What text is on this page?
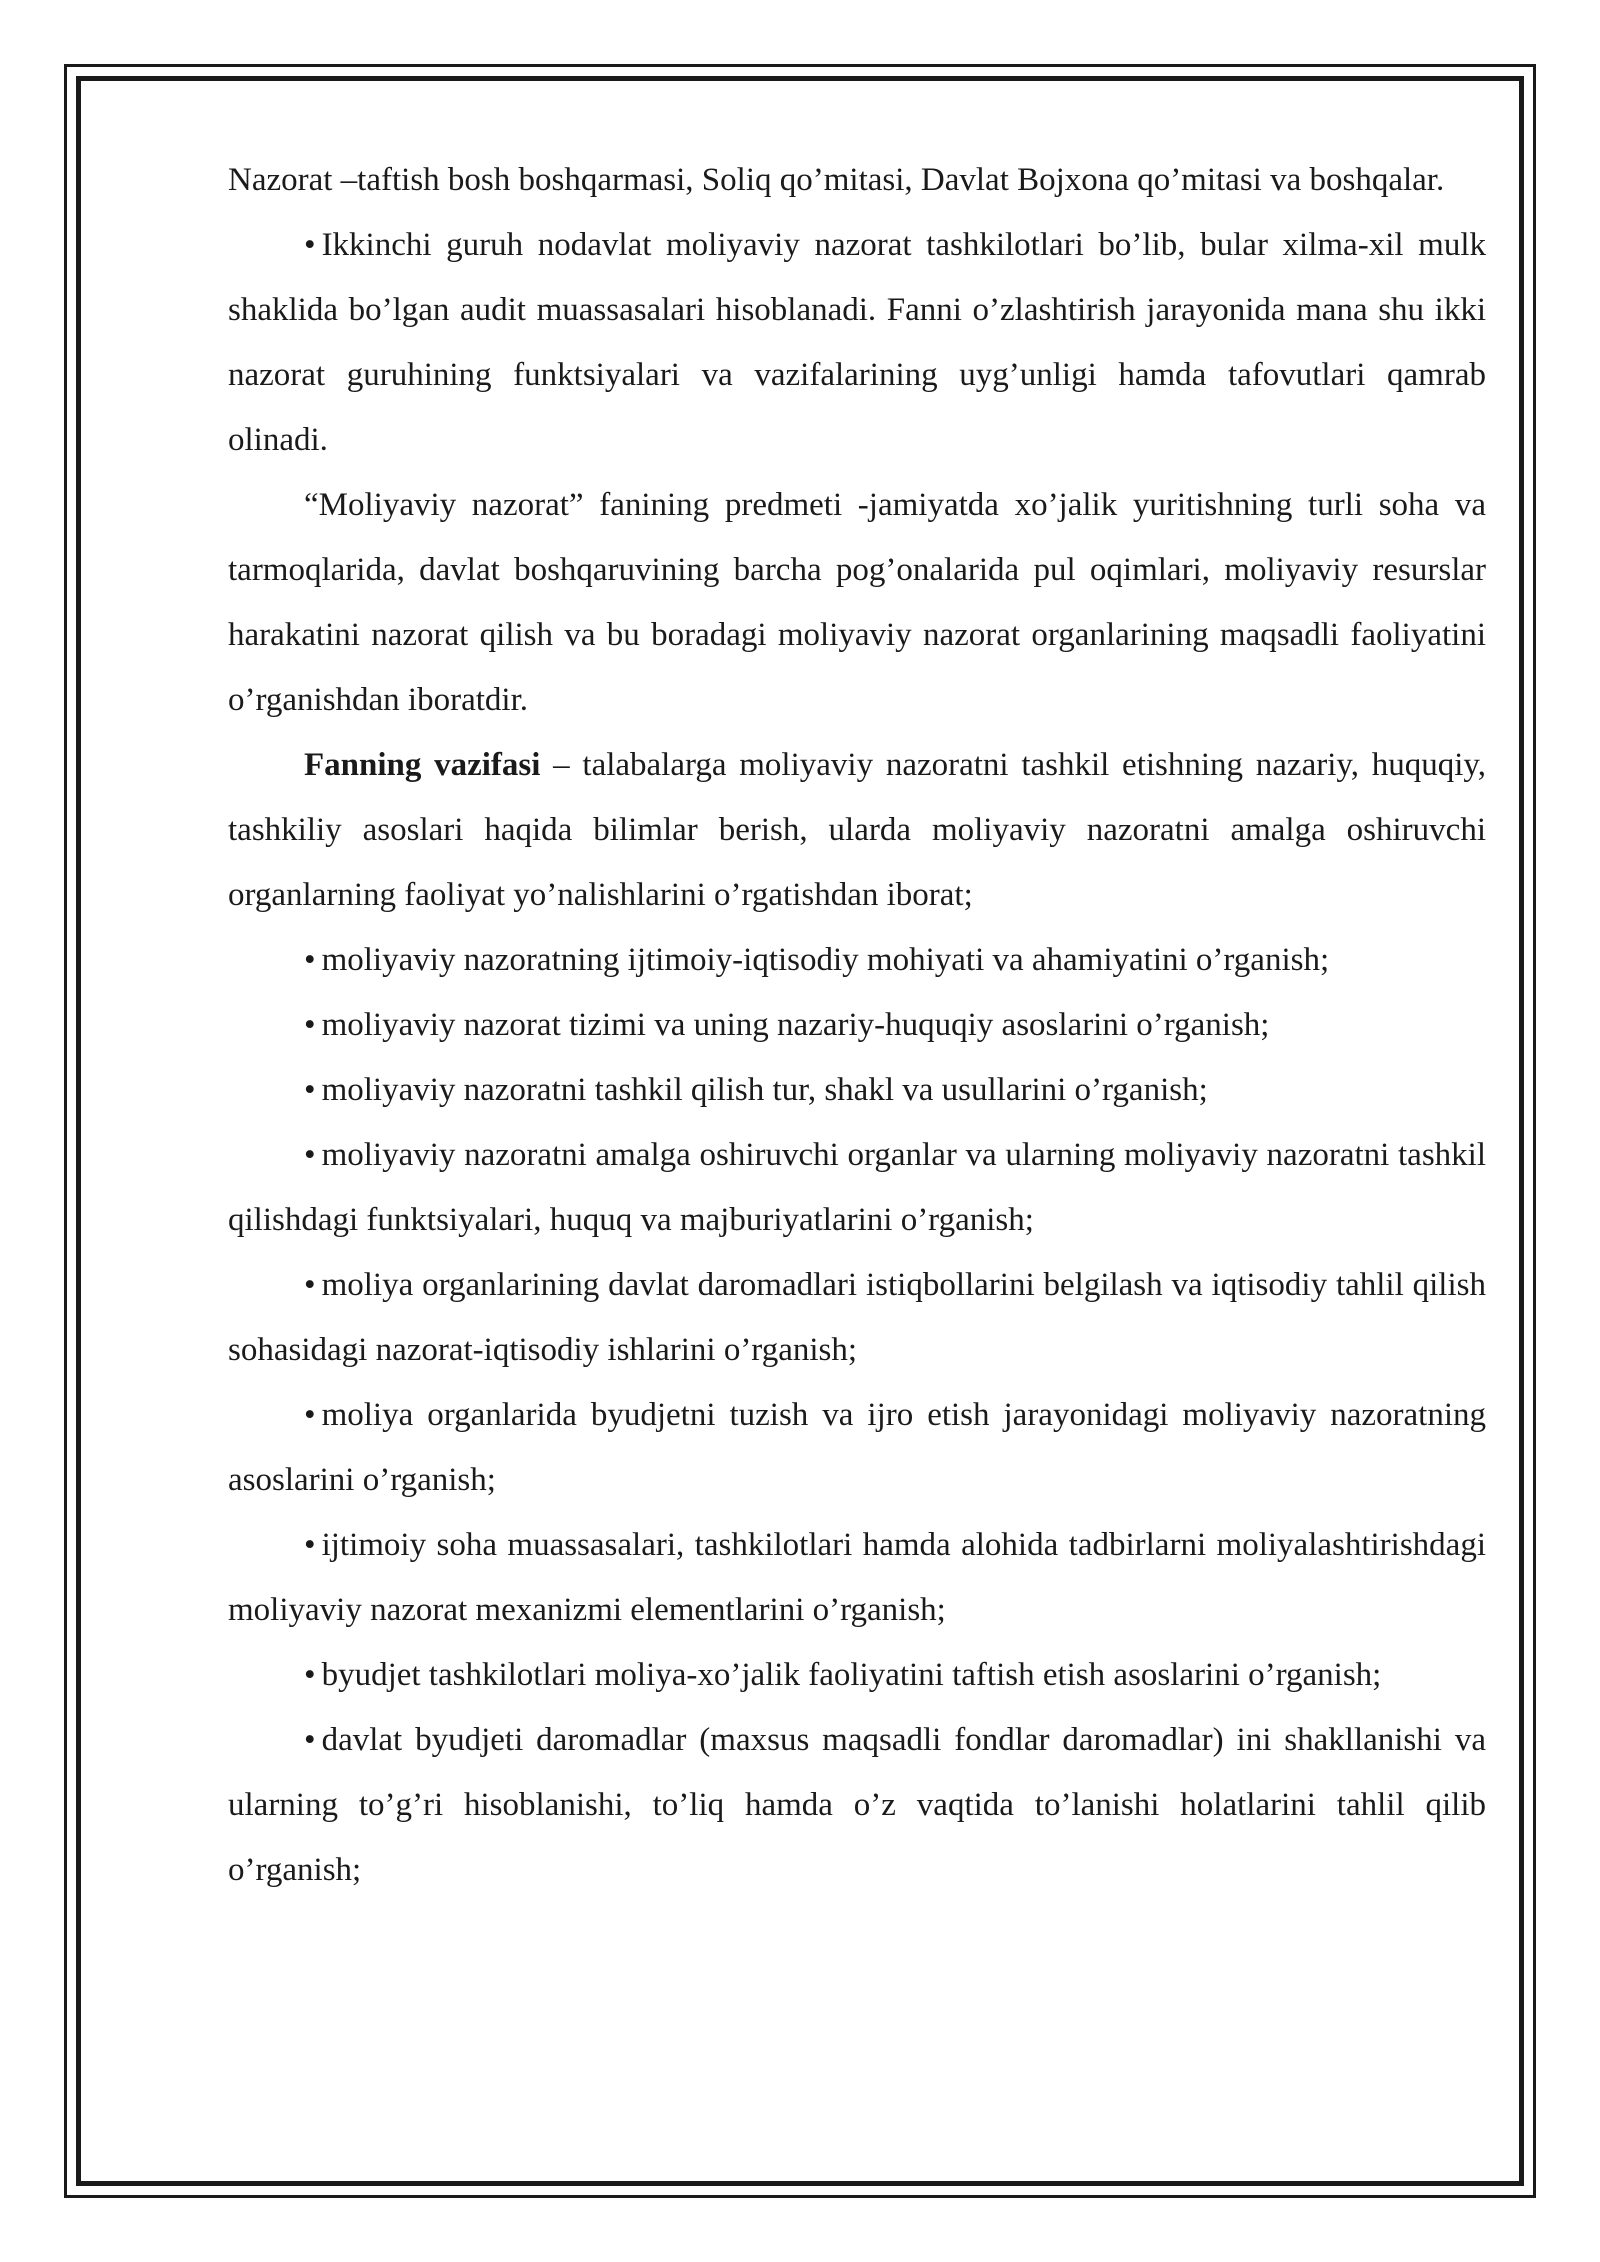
Nazorat –taftish bosh boshqarmasi, Soliq qo’mitasi, Davlat Bojxona qo’mitasi va boshqalar.

• Ikkinchi guruh nodavlat moliyaviy nazorat tashkilotlari bo’lib, bular xilma-xil mulk shaklida bo’lgan audit muassasalari hisoblanadi. Fanni o’zlashtirish jarayonida mana shu ikki nazorat guruhining funktsiyalari va vazifalarining uyg’unligi hamda tafovutlari qamrab olinadi.

“Moliyaviy nazorat” fanining predmeti -jamiyatda xo’jalik yuritishning turli soha va tarmoqlarida, davlat boshqaruvining barcha pog’onalarida pul oqimlari, moliyaviy resurslar harakatini nazorat qilish va bu boradagi moliyaviy nazorat organlarining maqsadli faoliyatini o’rganishdan iboratdir.

Fanning vazifasi – talabalarga moliyaviy nazoratni tashkil etishning nazariy, huquqiy, tashkiliy asoslari haqida bilimlar berish, ularda moliyaviy nazoratni amalga oshiruvchi organlarning faoliyat yo’nalishlarini o’rgatishdan iborat;

• moliyaviy nazoratning ijtimoiy-iqtisodiy mohiyati va ahamiyatini o’rganish;

• moliyaviy nazorat tizimi va uning nazariy-huquqiy asoslarini o’rganish;

• moliyaviy nazoratni tashkil qilish tur, shakl va usullarini o’rganish;

• moliyaviy nazoratni amalga oshiruvchi organlar va ularning moliyaviy nazoratni tashkil qilishdagi funktsiyalari, huquq va majburiyatlarini o’rganish;

• moliya organlarining davlat daromadlari istiqbollarini belgilash va iqtisodiy tahlil qilish sohasidagi nazorat-iqtisodiy ishlarini o’rganish;

• moliya organlarida byudjetni tuzish va ijro etish jarayonidagi moliyaviy nazoratning asoslarini o’rganish;

• ijtimoiy soha muassasalari, tashkilotlari hamda alohida tadbirlarni moliyalashtirishdagi moliyaviy nazorat mexanizmi elementlarini o’rganish;

• byudjet tashkilotlari moliya-xo’jalik faoliyatini taftish etish asoslarini o’rganish;

• davlat byudjeti daromadlar (maxsus maqsadli fondlar daromadlar) ini shakllanishi va ularning to’g’ri hisoblanishi, to’liq hamda o’z vaqtida to’lanishi holatlarini tahlil qilib o’rganish;
